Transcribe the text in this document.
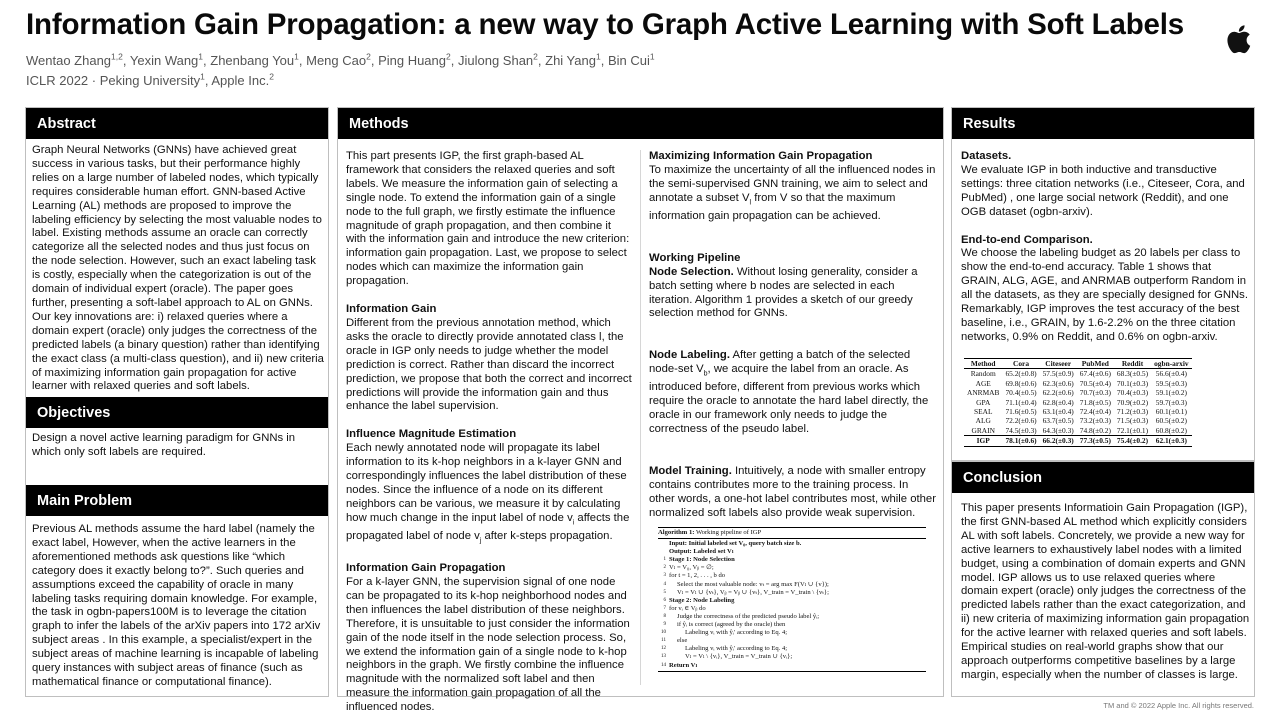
Information Gain Propagation: a new way to Graph Active Learning with Soft Labels
Wentao Zhang$^{1,2}$, Yexin Wang$^1$, Zhenbang You$^1$, Meng Cao$^2$, Ping Huang$^2$, Jiulong Shan$^2$, Zhi Yang$^1$, Bin Cui$^1$
ICLR 2022 · Peking University$^1$, Apple Inc.$^2$
Abstract
Graph Neural Networks (GNNs) have achieved great success in various tasks, but their performance highly relies on a large number of labeled nodes, which typically requires considerable human effort. GNN-based Active Learning (AL) methods are proposed to improve the labeling efficiency by selecting the most valuable nodes to label. Existing methods assume an oracle can correctly categorize all the selected nodes and thus just focus on the node selection. However, such an exact labeling task is costly, especially when the categorization is out of the domain of individual expert (oracle). The paper goes further, presenting a soft-label approach to AL on GNNs. Our key innovations are: i) relaxed queries where a domain expert (oracle) only judges the correctness of the predicted labels (a binary question) rather than identifying the exact class (a multi-class question), and ii) new criteria of maximizing information gain propagation for active learner with relaxed queries and soft labels.
Objectives
Design a novel active learning paradigm for GNNs in which only soft labels are required.
Main Problem
Previous AL methods assume the hard label (namely the exact label, However, when the active learners in the aforementioned methods ask questions like “which category does it exactly belong to?”. Such queries and assumptions exceed the capability of oracle in many labeling tasks requiring domain knowledge. For example, the task in ogbn-papers100M is to leverage the citation graph to infer the labels of the arXiv papers into 172 arXiv subject areas . In this example, a specialist/expert in the subject areas of machine learning is incapable of labeling query instances with subject areas of finance (such as mathematical finance or computational finance).
Methods
This part presents IGP, the first graph-based AL framework that considers the relaxed queries and soft labels. We measure the information gain of selecting a single node. To extend the information gain of a single node to the full graph, we firstly estimate the influence magnitude of graph propagation, and then combine it with the information gain and introduce the new criterion: information gain propagation. Last, we propose to select nodes which can maximize the information gain propagation.
Information Gain
Different from the previous annotation method, which asks the oracle to directly provide annotated class l, the oracle in IGP only needs to judge whether the model prediction is correct. Rather than discard the incorrect prediction, we propose that both the correct and incorrect predictions will provide the information gain and thus enhance the label supervision.
Influence Magnitude Estimation
Each newly annotated node will propagate its label information to its k-hop neighbors in a k-layer GNN and correspondingly influences the label distribution of these nodes. Since the influence of a node on its different neighbors can be various, we measure it by calculating how much change in the input label of node $v_i$ affects the propagated label of node $v_j$ after k-steps propagation.
Information Gain Propagation
For a k-layer GNN, the supervision signal of one node can be propagated to its k-hop neighborhood nodes and then influences the label distribution of these neighbors. Therefore, it is unsuitable to just consider the information gain of the node itself in the node selection process. So, we extend the information gain of a single node to k-hop neighbors in the graph. We firstly combine the influence magnitude with the normalized soft label and then measure the information gain propagation of all the influenced nodes.
Maximizing Information Gain Propagation
To maximize the uncertainty of all the influenced nodes in the semi-supervised GNN training, we aim to select and annotate a subset $V_l$ from V so that the maximum information gain propagation can be achieved.
Working Pipeline
Node Selection. Without losing generality, consider a batch setting where b nodes are selected in each iteration. Algorithm 1 provides a sketch of our greedy selection method for GNNs.
Node Labeling. After getting a batch of the selected node-set $V_b$, we acquire the label from an oracle. As introduced before, different from previous works which require the oracle to annotate the hard label directly, the oracle in our framework only needs to judge the correctness of the pseudo label.
Model Training. Intuitively, a node with smaller entropy contains contributes more to the training process. In other words, a one-hot label contributes most, while other normalized soft labels also provide weak supervision.
Algorithm 1: Working pipeline of IGP
Input: Initial labeled set V₀, query batch size b.
Output: Labeled set Vₗ
1 Stage 1: Node Selection
2 Vₗ = V₀, Vᵦ = ∅;
3 for t = 1, 2, . . . , b do
4	Select the most valuable node: vₜ = arg max F(Vₗ ∪ {v});
5	Vₗ = Vₗ ∪ {vₜ}, Vᵦ = Vᵦ ∪ {vₜ}, V_train = V_train \ {vₜ};
6 Stage 2: Node Labeling
7 for vᵢ ∈ Vᵦ do
8	Judge the correctness of the predicted pseudo label ŷᵢ;
9	if ŷᵢ is correct (agreed by the oracle) then
10	Labeling vᵢ with ŷᵢ′ according to Eq. 4;
11	else
12	Labeling vᵢ with ŷᵢ′ according to Eq. 4;
13	Vₗ = Vₗ \ {vᵢ}, V_train = V_train ∪ {vᵢ};
14 Return Vₗ
Results
Datasets.
We evaluate IGP in both inductive and transductive settings: three citation networks (i.e., Citeseer, Cora, and PubMed) , one large social network (Reddit), and one OGB dataset (ogbn-arxiv).
End-to-end Comparison.
We choose the labeling budget as 20 labels per class to show the end-to-end accuracy. Table 1 shows that GRAIN, ALG, AGE, and ANRMAB outperform Random in all the datasets, as they are specially designed for GNNs. Remarkably, IGP improves the test accuracy of the best baseline, i.e., GRAIN, by 1.6-2.2% on the three citation networks, 0.9% on Reddit, and 0.6% on ogbn-arxiv.
Method	Cora	Citeseer	PubMed	Reddit	ogbn-arxiv
Random	65.2(±0.8)	57.5(±0.9)	67.4(±0.6)	68.3(±0.5)	56.6(±0.4)
AGE	69.8(±0.6)	62.3(±0.6)	70.5(±0.4)	70.1(±0.3)	59.5(±0.3)
ANRMAB	70.4(±0.5)	62.2(±0.6)	70.7(±0.3)	70.4(±0.3)	59.1(±0.2)
GPA	71.1(±0.4)	62.8(±0.4)	71.8(±0.5)	70.9(±0.2)	59.7(±0.3)
SEAL	71.6(±0.5)	63.1(±0.4)	72.4(±0.4)	71.2(±0.3)	60.1(±0.1)
ALG	72.2(±0.6)	63.7(±0.5)	73.2(±0.3)	71.5(±0.3)	60.5(±0.2)
GRAIN	74.5(±0.3)	64.3(±0.3)	74.8(±0.2)	72.1(±0.1)	60.8(±0.2)
IGP	78.1(±0.6)	66.2(±0.3)	77.3(±0.5)	75.4(±0.2)	62.1(±0.3)
Conclusion
This paper presents Informatioin Gain Propagation (IGP), the first GNN-based AL method which explicitly considers AL with soft labels. Concretely, we provide a new way for active learners to exhaustively label nodes with a limited budget, using a combination of domain experts and GNN model. IGP allows us to use relaxed queries where domain expert (oracle) only judges the correctness of the predicted labels rather than the exact categorization, and ii) new criteria of maximizing information gain propagation for the active learner with relaxed queries and soft labels. Empirical studies on real-world graphs show that our approach outperforms competitive baselines by a large margin, especially when the number of classes is large.
TM and © 2022 Apple Inc. All rights reserved.
